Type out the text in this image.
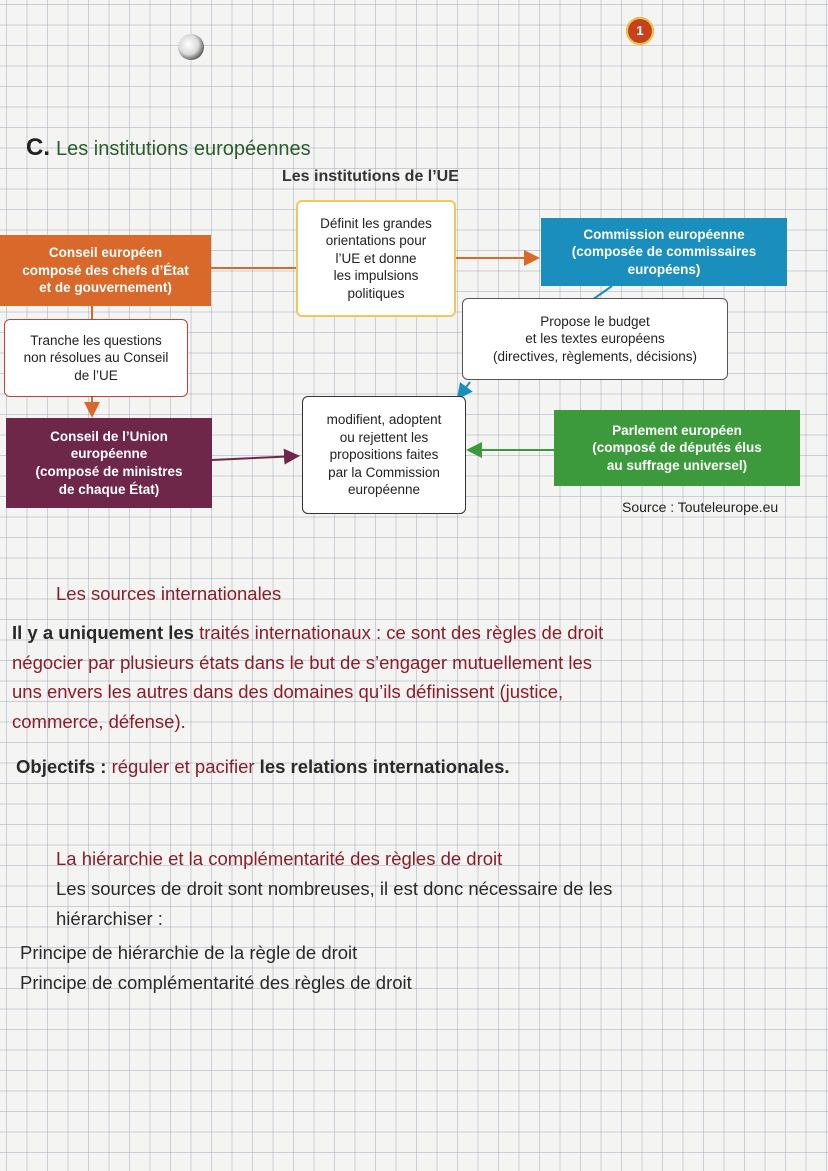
1
C. Les institutions européennes
Les institutions de l’UE
Conseil européen
composé des chefs d’État
et de gouvernement)
Définit les grandes
orientations pour
l’UE et donne
les impulsions
politiques
Commission européenne
(composée de commissaires
européens)
Tranche les questions
non résolues au Conseil
de l’UE
Propose le budget
et les textes européens
(directives, règlements, décisions)
Conseil de l’Union
européenne
(composé de ministres
de chaque État)
modifient, adoptent
ou rejettent les
propositions faites
par la Commission
européenne
Parlement européen
(composé de députés élus
au suffrage universel)
Source : Touteleurope.eu
Les sources internationales
Il y a uniquement les traités internationaux : ce sont des règles de droit
négocier par plusieurs états dans le but de s’engager mutuellement les
uns envers les autres dans des domaines qu’ils définissent (justice,
commerce, défense).
Objectifs : réguler et pacifier les relations internationales.
La hiérarchie et la complémentarité des règles de droit
Les sources de droit sont nombreuses, il est donc nécessaire de les
hiérarchiser :
Principe de hiérarchie de la règle de droit
Principe de complémentarité des règles de droit
